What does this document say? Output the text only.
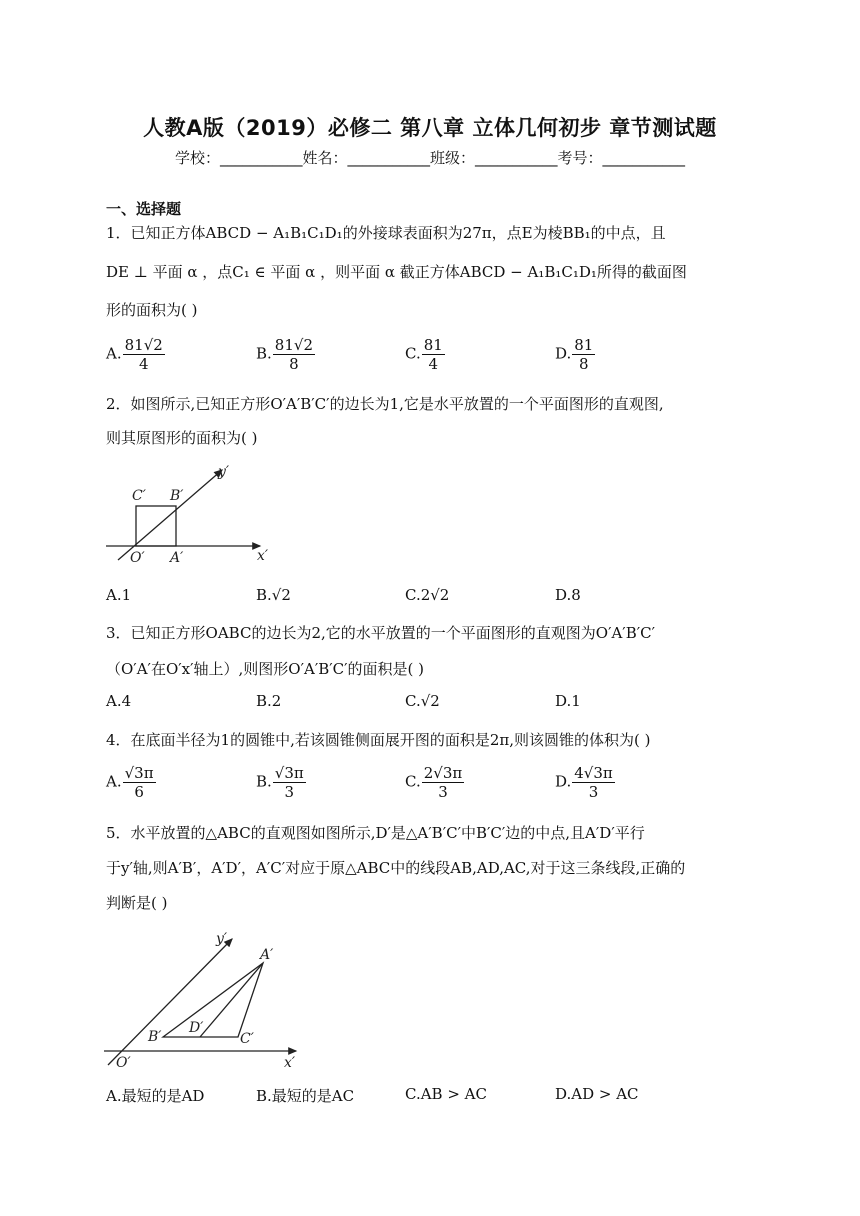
人教A版（2019）必修二 第八章 立体几何初步 章节测试题
学校：___________姓名：___________班级：___________考号：___________
一、选择题
1．已知正方体ABCD − A₁B₁C₁D₁的外接球表面积为27π，点E为棱BB₁的中点，且
DE ⊥ 平面 α ，点C₁ ∈ 平面 α ，则平面 α 截正方体ABCD − A₁B₁C₁D₁所得的截面图
形的面积为( )
A. $\frac{81√2}{4}$	B. $\frac{81√2}{8}$	C. $\frac{81}{4}$	D. $\frac{81}{8}$
2．如图所示,已知正方形O′A′B′C′的边长为1,它是水平放置的一个平面图形的直观图,
则其原图形的面积为( )
y′
x′
O′ A′
B′
C′
A.1	B.√2	C.2√2	D.8
3．已知正方形OABC的边长为2,它的水平放置的一个平面图形的直观图为O′A′B′C′
（O′A′在O′x′轴上）,则图形O′A′B′C′的面积是( )
A.4	B.2	C.√2	D.1
4．在底面半径为1的圆锥中,若该圆锥侧面展开图的面积是2π,则该圆锥的体积为( )
A. $\frac{√3\pi}{6}$	B. $\frac{√3\pi}{3}$	C. $\frac{2√3\pi}{3}$	D. $\frac{4√3\pi}{3}$
5．水平放置的△ABC的直观图如图所示,D′是△A′B′C′中B′C′边的中点,且A′D′平行
于y′轴,则A′B′，A′D′，A′C′对应于原△ABC中的线段AB,AD,AC,对于这三条线段,正确的
判断是( )
y′
x′
O′
A′
B′	C′
D′
A.最短的是AD	B.最短的是AC	C.AB > AC	D.AD > AC
